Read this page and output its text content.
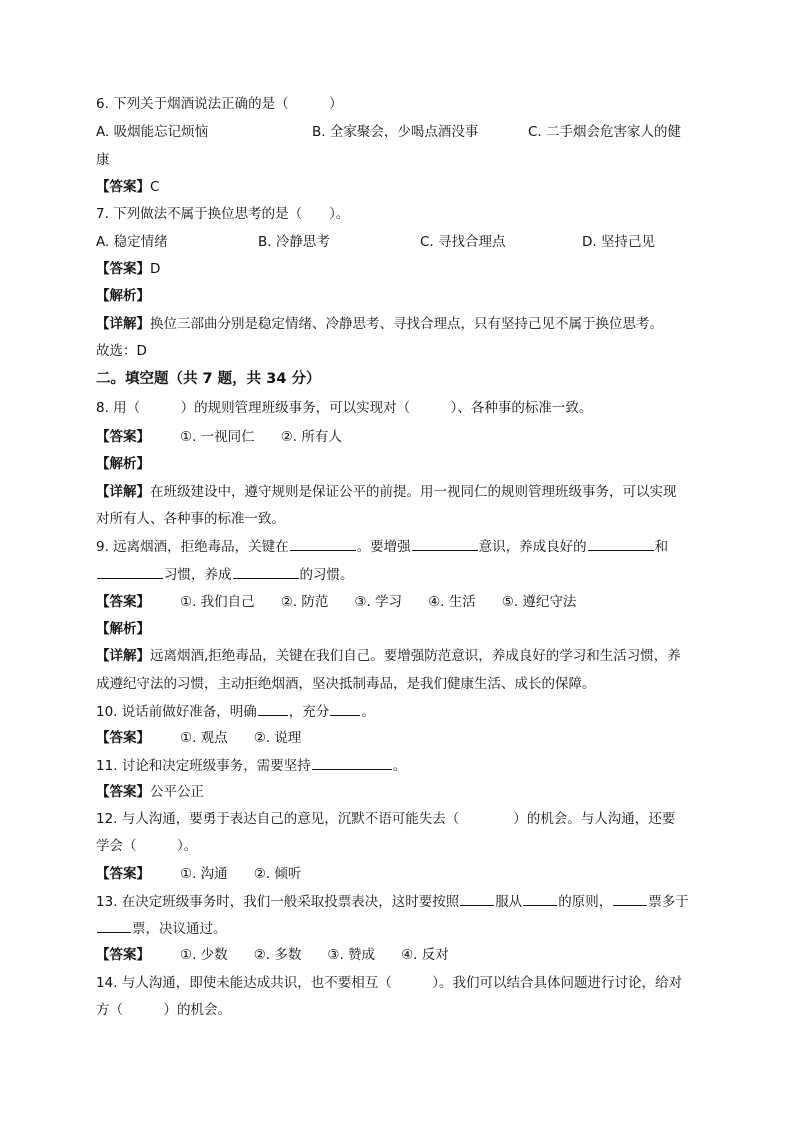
6. 下列关于烟酒说法正确的是（　　　）
A. 吸烟能忘记烦恼	B. 全家聚会，少喝点酒没事	C. 二手烟会危害家人的健
康
【答案】C
7. 下列做法不属于换位思考的是（　　）。
A. 稳定情绪	B. 冷静思考	C. 寻找合理点	D. 坚持己见
【答案】D
【解析】
【详解】换位三部曲分别是稳定情绪、冷静思考、寻找合理点，只有坚持己见不属于换位思考。
故选：D
二。填空题（共 7 题，共 34 分）
8. 用（　　　）的规则管理班级事务，可以实现对（　　　）、各种事的标准一致。
【答案】 ①. 一视同仁 ②. 所有人
【解析】
【详解】在班级建设中，遵守规则是保证公平的前提。用一视同仁的规则管理班级事务，可以实现
对所有人、各种事的标准一致。
9. 远离烟酒，拒绝毒品，关键在	。要增强	意识，养成良好的	和
习惯，养成	的习惯。
【答案】 ①. 我们自己 ②. 防范 ③. 学习 ④. 生活 ⑤. 遵纪守法
【解析】
【详解】远离烟酒,拒绝毒品，关键在我们自己。要增强防范意识，养成良好的学习和生活习惯，养
成遵纪守法的习惯，主动拒绝烟酒，坚决抵制毒品，是我们健康生活、成长的保障。
10. 说话前做好准备，明确 ，充分 。
【答案】 ①. 观点 ②. 说理
11. 讨论和决定班级事务，需要坚持	。
【答案】公平公正
12. 与人沟通，要勇于表达自己的意见，沉默不语可能失去（　　　　）的机会。与人沟通，还要
学会（　　　）。
【答案】 ①. 沟通 ②. 倾听
13. 在决定班级事务时，我们一般采取投票表决，这时要按照	服从	的原则，	票多于
票，决议通过。
【答案】 ①. 少数 ②. 多数 ③. 赞成 ④. 反对
14. 与人沟通，即使未能达成共识，也不要相互（　　　）。我们可以结合具体问题进行讨论，给对
方（　　　）的机会。
